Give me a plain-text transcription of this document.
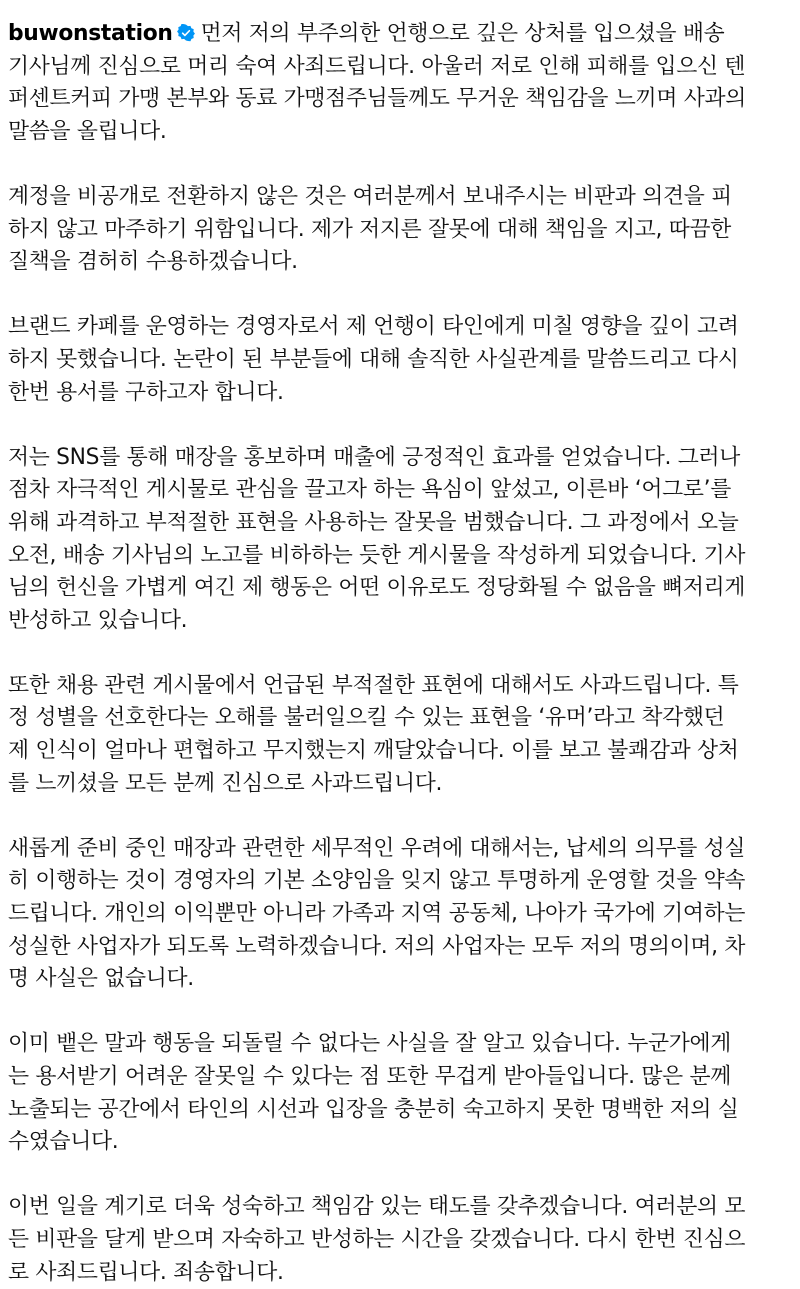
buwonstation 먼저 저의 부주의한 언행으로 깊은 상처를 입으셨을 배송
기사님께 진심으로 머리 숙여 사죄드립니다. 아울러 저로 인해 피해를 입으신 텐
퍼센트커피 가맹 본부와 동료 가맹점주님들께도 무거운 책임감을 느끼며 사과의
말씀을 올립니다.
계정을 비공개로 전환하지 않은 것은 여러분께서 보내주시는 비판과 의견을 피
하지 않고 마주하기 위함입니다. 제가 저지른 잘못에 대해 책임을 지고, 따끔한
질책을 겸허히 수용하겠습니다.
브랜드 카페를 운영하는 경영자로서 제 언행이 타인에게 미칠 영향을 깊이 고려
하지 못했습니다. 논란이 된 부분들에 대해 솔직한 사실관계를 말씀드리고 다시
한번 용서를 구하고자 합니다.
저는 SNS를 통해 매장을 홍보하며 매출에 긍정적인 효과를 얻었습니다. 그러나
점차 자극적인 게시물로 관심을 끌고자 하는 욕심이 앞섰고, 이른바 ‘어그로’를
위해 과격하고 부적절한 표현을 사용하는 잘못을 범했습니다. 그 과정에서 오늘
오전, 배송 기사님의 노고를 비하하는 듯한 게시물을 작성하게 되었습니다. 기사
님의 헌신을 가볍게 여긴 제 행동은 어떤 이유로도 정당화될 수 없음을 뼈저리게
반성하고 있습니다.
또한 채용 관련 게시물에서 언급된 부적절한 표현에 대해서도 사과드립니다. 특
정 성별을 선호한다는 오해를 불러일으킬 수 있는 표현을 ‘유머’라고 착각했던
제 인식이 얼마나 편협하고 무지했는지 깨달았습니다. 이를 보고 불쾌감과 상처
를 느끼셨을 모든 분께 진심으로 사과드립니다.
새롭게 준비 중인 매장과 관련한 세무적인 우려에 대해서는, 납세의 의무를 성실
히 이행하는 것이 경영자의 기본 소양임을 잊지 않고 투명하게 운영할 것을 약속
드립니다. 개인의 이익뿐만 아니라 가족과 지역 공동체, 나아가 국가에 기여하는
성실한 사업자가 되도록 노력하겠습니다. 저의 사업자는 모두 저의 명의이며, 차
명 사실은 없습니다.
이미 뱉은 말과 행동을 되돌릴 수 없다는 사실을 잘 알고 있습니다. 누군가에게
는 용서받기 어려운 잘못일 수 있다는 점 또한 무겁게 받아들입니다. 많은 분께
노출되는 공간에서 타인의 시선과 입장을 충분히 숙고하지 못한 명백한 저의 실
수였습니다.
이번 일을 계기로 더욱 성숙하고 책임감 있는 태도를 갖추겠습니다. 여러분의 모
든 비판을 달게 받으며 자숙하고 반성하는 시간을 갖겠습니다. 다시 한번 진심으
로 사죄드립니다. 죄송합니다.
